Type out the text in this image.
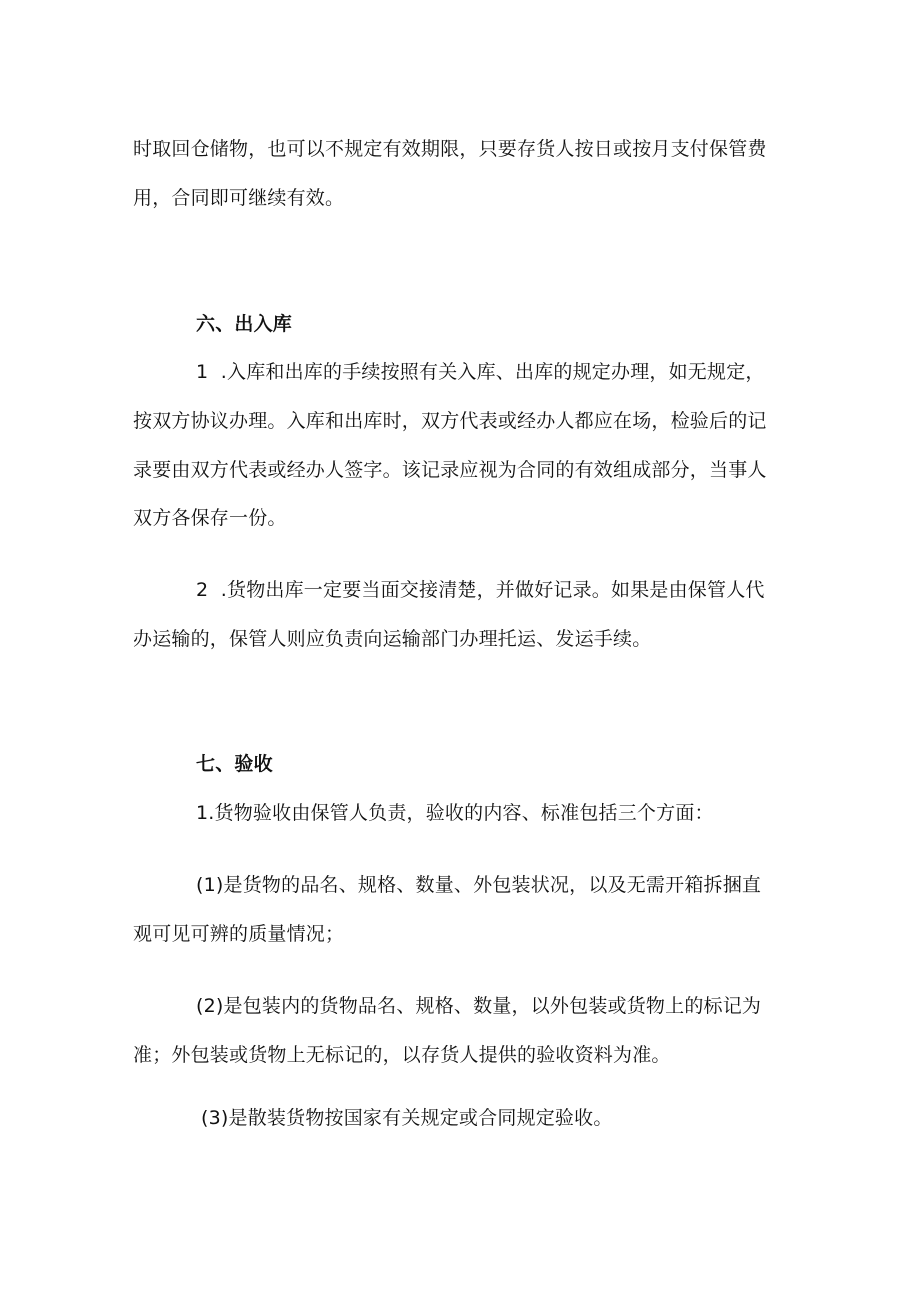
时取回仓储物，也可以不规定有效期限，只要存货人按日或按月支付保管费
用，合同即可继续有效。
六、出入库
1  .入库和出库的手续按照有关入库、出库的规定办理，如无规定，
按双方协议办理。入库和出库时，双方代表或经办人都应在场，检验后的记
录要由双方代表或经办人签字。该记录应视为合同的有效组成部分，当事人
双方各保存一份。
2  .货物出库一定要当面交接清楚，并做好记录。如果是由保管人代
办运输的，保管人则应负责向运输部门办理托运、发运手续。
七、验收
1.货物验收由保管人负责，验收的内容、标准包括三个方面：
(1)是货物的品名、规格、数量、外包装状况，以及无需开箱拆捆直
观可见可辨的质量情况；
(2)是包装内的货物品名、规格、数量，以外包装或货物上的标记为
准；外包装或货物上无标记的，以存货人提供的验收资料为准。
(3)是散装货物按国家有关规定或合同规定验收。
